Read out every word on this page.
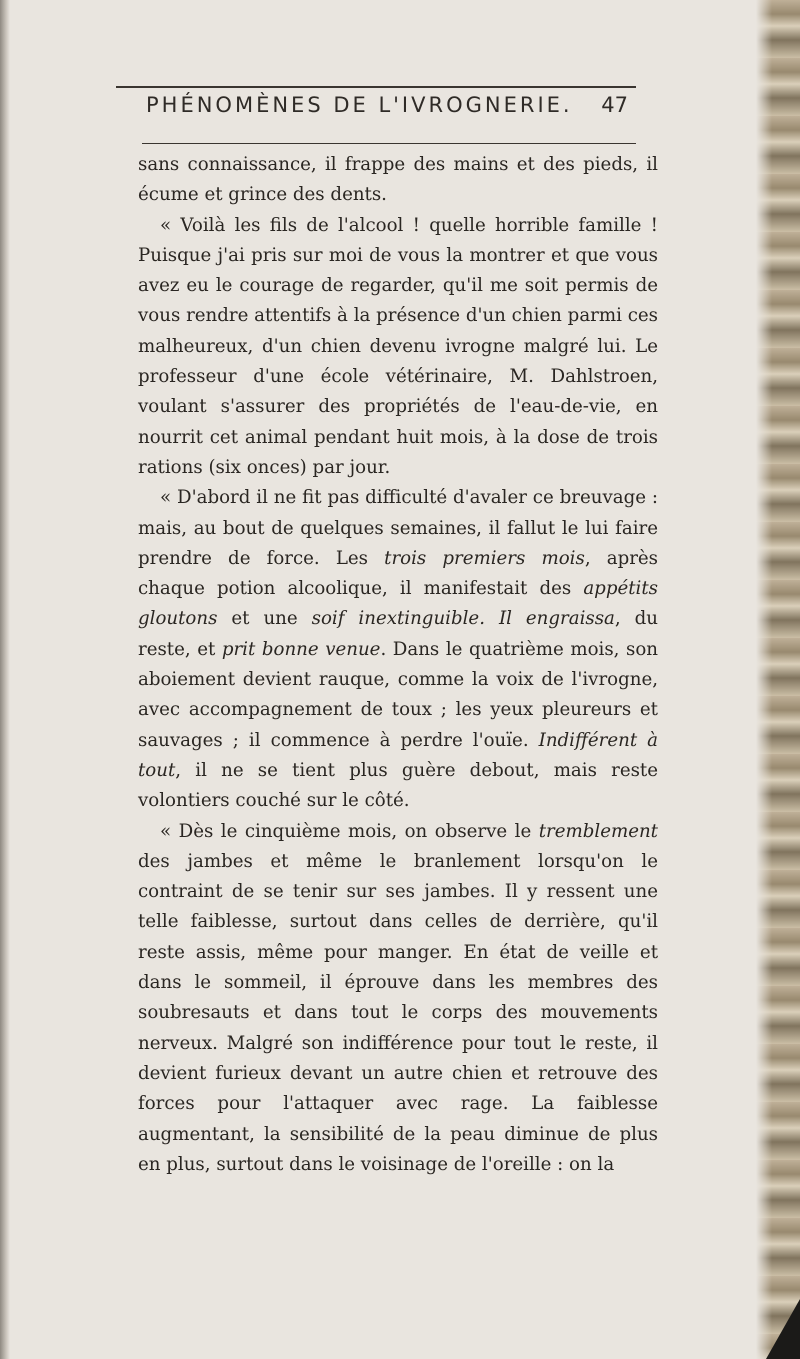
PHÉNOMÈNES DE L'IVROGNERIE. 47

sans connaissance, il frappe des mains et des pieds, il écume et grince des dents.

« Voilà les fils de l'alcool ! quelle horrible famille ! Puisque j'ai pris sur moi de vous la montrer et que vous avez eu le courage de regarder, qu'il me soit permis de vous rendre attentifs à la présence d'un chien parmi ces malheureux, d'un chien devenu ivrogne malgré lui. Le professeur d'une école vétérinaire, M. Dahlstroen, voulant s'assurer des propriétés de l'eau-de-vie, en nourrit cet animal pendant huit mois, à la dose de trois rations (six onces) par jour.

« D'abord il ne fit pas difficulté d'avaler ce breuvage : mais, au bout de quelques semaines, il fallut le lui faire prendre de force. Les trois premiers mois, après chaque potion alcoolique, il manifestait des appétits gloutons et une soif inextinguible. Il engraissa, du reste, et prit bonne venue. Dans le quatrième mois, son aboiement devient rauque, comme la voix de l'ivrogne, avec accompagnement de toux ; les yeux pleureurs et sauvages ; il commence à perdre l'ouïe. Indifférent à tout, il ne se tient plus guère debout, mais reste volontiers couché sur le côté.

« Dès le cinquième mois, on observe le tremblement des jambes et même le branlement lorsqu'on le contraint de se tenir sur ses jambes. Il y ressent une telle faiblesse, surtout dans celles de derrière, qu'il reste assis, même pour manger. En état de veille et dans le sommeil, il éprouve dans les membres des soubresauts et dans tout le corps des mouvements nerveux. Malgré son indifférence pour tout le reste, il devient furieux devant un autre chien et retrouve des forces pour l'attaquer avec rage. La faiblesse augmentant, la sensibilité de la peau diminue de plus en plus, surtout dans le voisinage de l'oreille : on la
